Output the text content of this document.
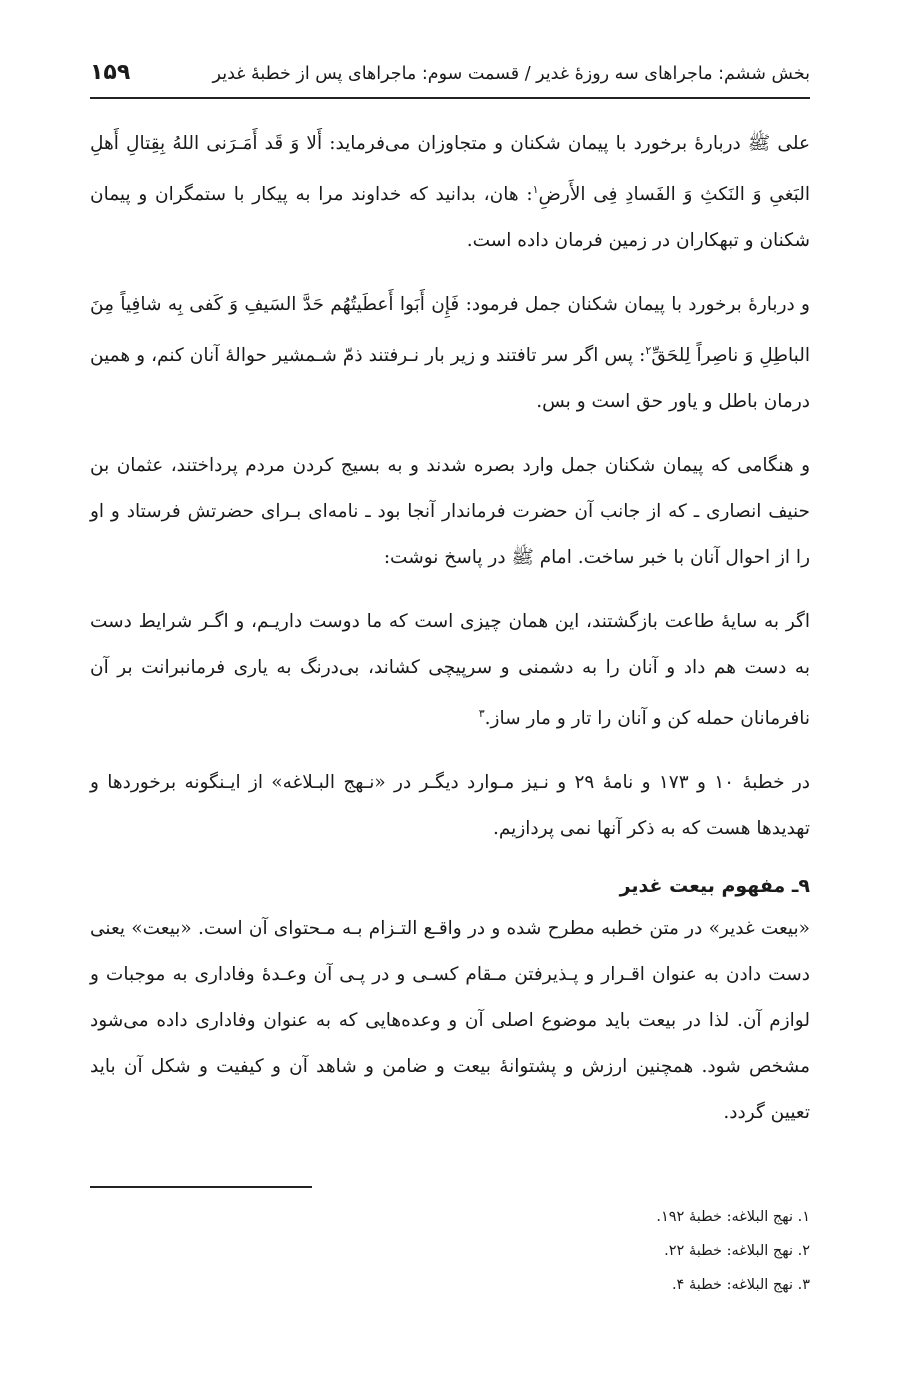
بخش ششم: ماجراهای سه روزهٔ غدیر / قسمت سوم: ماجراهای پس از خطبهٔ غدیر
۱۵۹

علی ﷺ دربارهٔ برخورد با پیمان شکنان و متجاوزان می‌فرماید: أَلا وَ قَد أَمَـرَنی اللهُ بِقِتالِ أَهلِ البَغیِ وَ النَکثِ وَ الفَسادِ فِی الأَرضِ$^۱$: هان، بدانید که خداوند مرا به پیکار با ستمگران و پیمان شکنان و تبهکاران در زمین فرمان داده است.

و دربارهٔ برخورد با پیمان شکنان جمل فرمود: فَإِن أَبَوا أَعطَیتُهُم حَدَّ السَیفِ وَ کَفی بِه شافِیاً مِنَ الباطِلِ وَ ناصِراً لِلحَقِّ$^۲$: پس اگر سر تافتند و زیر بار نـرفتند ذمّ شـمشیر حوالهٔ آنان کنم، و همین درمان باطل و یاور حق است و بس.

و هنگامی که پیمان شکنان جمل وارد بصره شدند و به بسیج کردن مردم پرداختند، عثمان بن حنیف انصاری ـ که از جانب آن حضرت فرماندار آنجا بود ـ نامه‌ای بـرای حضرتش فرستاد و او را از احوال آنان با خبر ساخت. امام ﷺ در پاسخ نوشت:

اگر به سایهٔ طاعت بازگشتند، این همان چیزی است که ما دوست داریـم، و اگـر شرایط دست به دست هم داد و آنان را به دشمنی و سرپیچی کشاند، بی‌درنگ به یاری فرمانبرانت بر آن نافرمانان حمله کن و آنان را تار و مار ساز.$^۳$

در خطبهٔ ۱۰ و ۱۷۳ و نامهٔ ۲۹ و نـیز مـوارد دیگـر در «نـهج البـلاغه» از ایـنگونه برخوردها و تهدیدها هست که به ذکر آنها نمی پردازیم.

۹ـ مفهوم بیعت غدیر

«بیعت غدیر» در متن خطبه مطرح شده و در واقـع التـزام بـه مـحتوای آن است. «بیعت» یعنی دست دادن به عنوان اقـرار و پـذیرفتن مـقام کسـی و در پـی آن وعـدهٔ وفاداری به موجبات و لوازم آن. لذا در بیعت باید موضوع اصلی آن و وعده‌هایی که به عنوان وفاداری داده می‌شود مشخص شود. همچنین ارزش و پشتوانهٔ بیعت و ضامن و شاهد آن و کیفیت و شکل آن باید تعیین گردد.

۱. نهج البلاغه: خطبهٔ ۱۹۲.

۲. نهج البلاغه: خطبهٔ ۲۲.

۳. نهج البلاغه: خطبهٔ ۴.
